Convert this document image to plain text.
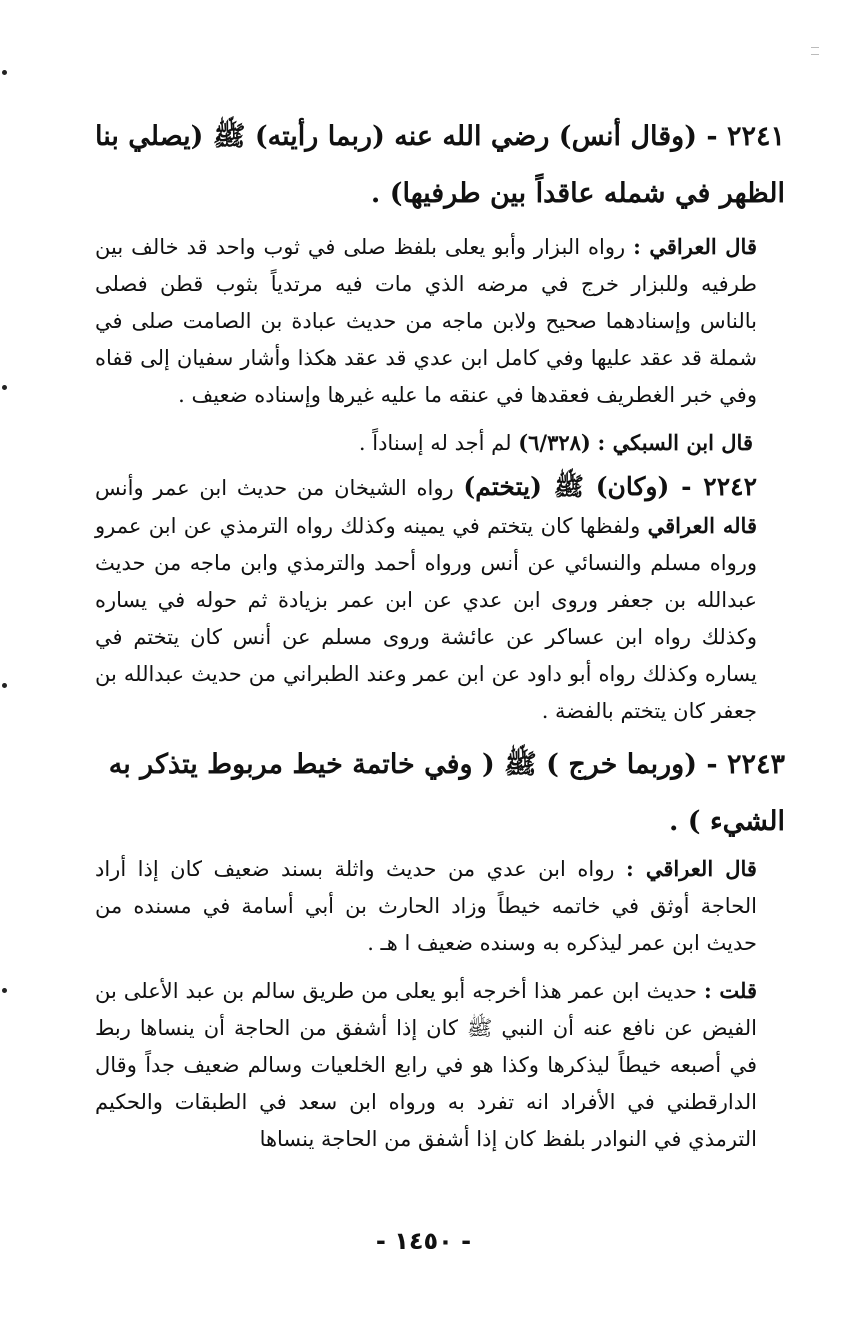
٢٢٤١ - (وقال أنس) رضي الله عنه (ربما رأيته) ﷺ (يصلي بنا
الظهر في شمله عاقداً بين طرفيها) .

قال العراقي : رواه البزار وأبو يعلى بلفظ صلى في ثوب واحد قد خالف بين طرفيه وللبزار خرج في مرضه الذي مات فيه مرتدياً بثوب قطن فصلى بالناس وإسنادهما صحيح ولابن ماجه من حديث عبادة بن الصامت صلى في شملة قد عقد عليها وفي كامل ابن عدي قد عقد هكذا وأشار سفيان إلى قفاه وفي خبر الغطريف فعقدها في عنقه ما عليه غيرها وإسناده ضعيف .

قال ابن السبكي : (٦/٣٢٨) لم أجد له إسناداً .

٢٢٤٢ - (وكان) ﷺ (يتختم) رواه الشيخان من حديث ابن عمر وأنس قاله العراقي ولفظها كان يتختم في يمينه وكذلك رواه الترمذي عن ابن عمرو ورواه مسلم والنسائي عن أنس ورواه أحمد والترمذي وابن ماجه من حديث عبدالله بن جعفر وروى ابن عدي عن ابن عمر بزيادة ثم حوله في يساره وكذلك رواه ابن عساكر عن عائشة وروى مسلم عن أنس كان يتختم في يساره وكذلك رواه أبو داود عن ابن عمر وعند الطبراني من حديث عبدالله بن جعفر كان يتختم بالفضة .

٢٢٤٣ - (وربما خرج ) ﷺ ( وفي خاتمة خيط مربوط يتذكر به
الشيء ) .

قال العراقي : رواه ابن عدي من حديث واثلة بسند ضعيف كان إذا أراد الحاجة أوثق في خاتمه خيطاً وزاد الحارث بن أبي أسامة في مسنده من حديث ابن عمر ليذكره به وسنده ضعيف ا هـ .

قلت : حديث ابن عمر هذا أخرجه أبو يعلى من طريق سالم بن عبد الأعلى بن الفيض عن نافع عنه أن النبي ﷺ كان إذا أشفق من الحاجة أن ينساها ربط في أصبعه خيطاً ليذكرها وكذا هو في رابع الخلعيات وسالم ضعيف جداً وقال الدارقطني في الأفراد انه تفرد به ورواه ابن سعد في الطبقات والحكيم الترمذي في النوادر بلفظ كان إذا أشفق من الحاجة ينساها

- ١٤٥٠ -
